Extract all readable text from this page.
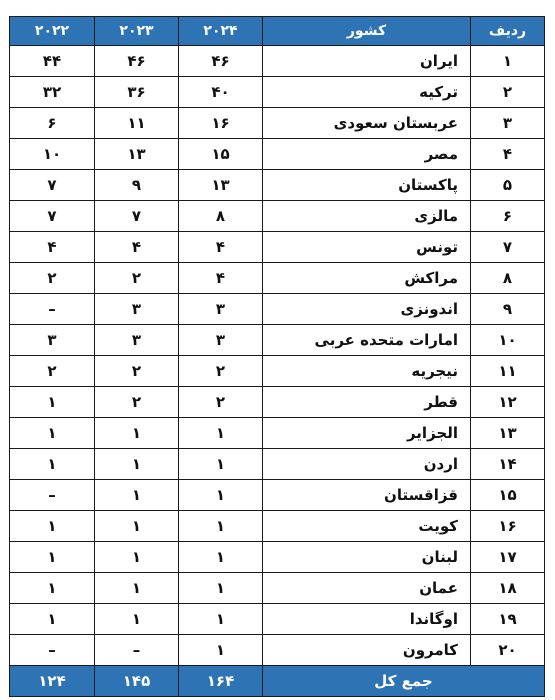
ردیف	کشور	۲۰۲۴	۲۰۲۳	۲۰۲۲
۱	ایران	۴۶	۴۶	۴۴
۲	ترکیه	۴۰	۳۶	۳۲
۳	عربستان سعودی	۱۶	۱۱	۶
۴	مصر	۱۵	۱۳	۱۰
۵	پاکستان	۱۳	۹	۷
۶	مالزی	۸	۷	۷
۷	تونس	۴	۴	۴
۸	مراکش	۴	۲	۲
۹	اندونزی	۳	۳	–
۱۰	امارات متحده عربی	۳	۳	۳
۱۱	نیجریه	۲	۲	۲
۱۲	قطر	۲	۲	۱
۱۳	الجزایر	۱	۱	۱
۱۴	اردن	۱	۱	۱
۱۵	قزاقستان	۱	۱	–
۱۶	کویت	۱	۱	۱
۱۷	لبنان	۱	۱	۱
۱۸	عمان	۱	۱	۱
۱۹	اوگاندا	۱	۱	۱
۲۰	کامرون	۱	–	–
جمع کل		۱۶۴	۱۴۵	۱۲۴
